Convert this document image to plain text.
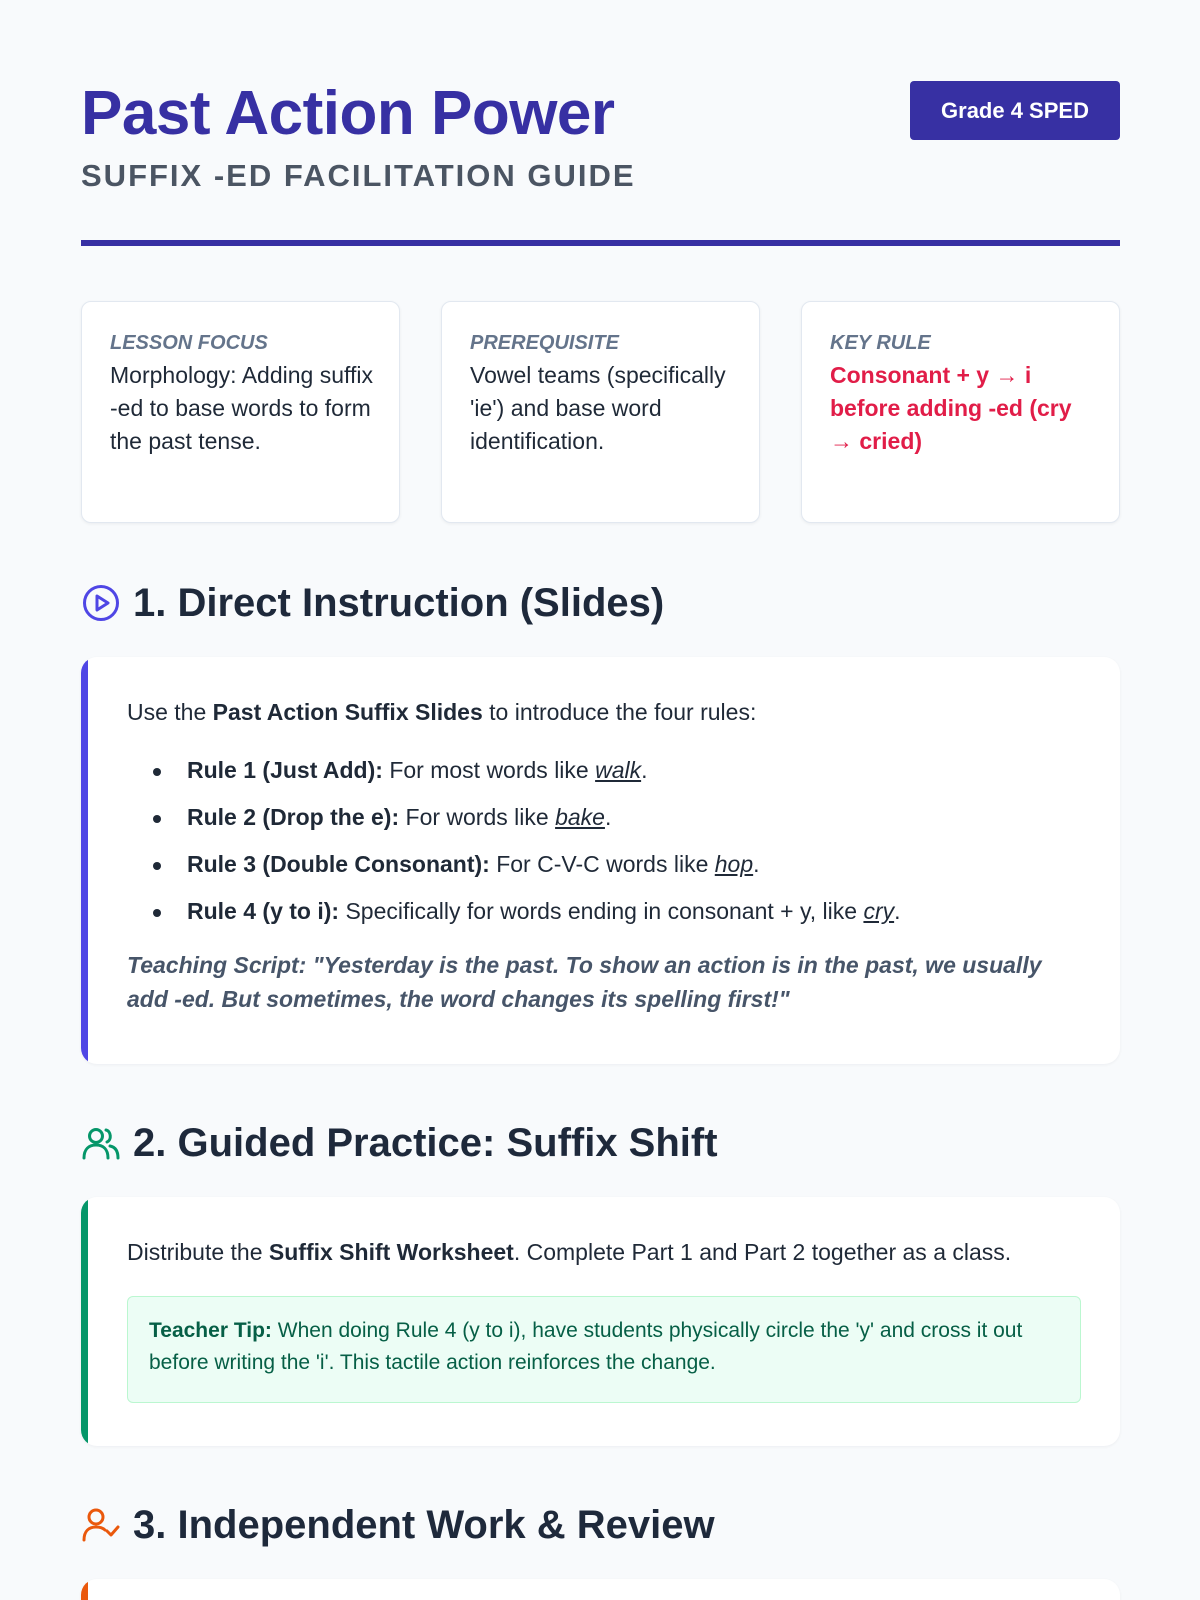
Past Action Power
SUFFIX -ED FACILITATION GUIDE
Grade 4 SPED
LESSON FOCUS
Morphology: Adding suffix -ed to base words to form the past tense.
PREREQUISITE
Vowel teams (specifically 'ie') and base word identification.
KEY RULE
Consonant + y → i before adding -ed (cry → cried)
1. Direct Instruction (Slides)

Use the Past Action Suffix Slides to introduce the four rules:

Rule 1 (Just Add): For most words like walk.
Rule 2 (Drop the e): For words like bake.
Rule 3 (Double Consonant): For C-V-C words like hop.
Rule 4 (y to i): Specifically for words ending in consonant + y, like cry.

Teaching Script: "Yesterday is the past. To show an action is in the past, we usually add -ed. But sometimes, the word changes its spelling first!"

2. Guided Practice: Suffix Shift

Distribute the Suffix Shift Worksheet. Complete Part 1 and Part 2 together as a class.

Teacher Tip: When doing Rule 4 (y to i), have students physically circle the 'y' and cross it out before writing the 'i'. This tactile action reinforces the change.
3. Independent Work & Review
